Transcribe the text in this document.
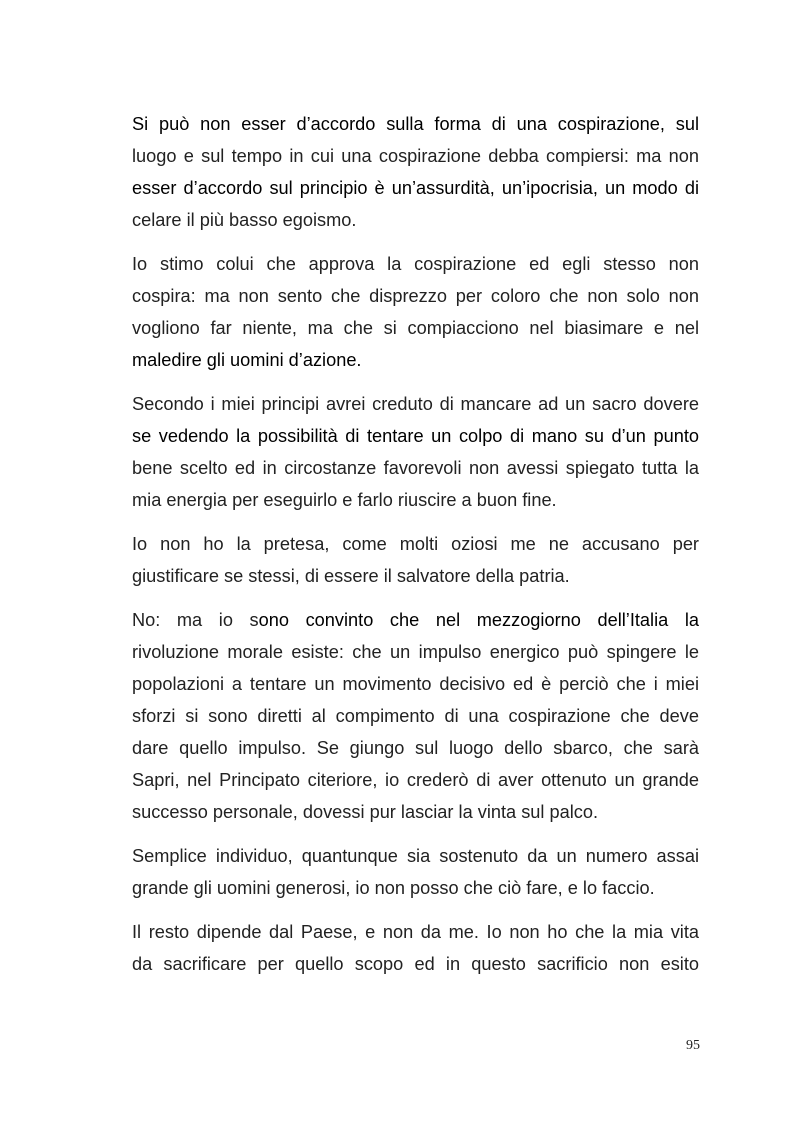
Si può non esser d’accordo sulla forma di una cospirazione, sul
luogo e sul tempo in cui una cospirazione debba compiersi: ma non
esser d’accordo sul principio è un’assurdità, un’ipocrisia, un modo di
celare il più basso egoismo.

Io stimo colui che approva la cospirazione ed egli stesso non
cospira: ma non sento che disprezzo per coloro che non solo non
vogliono far niente, ma che si compiacciono nel biasimare e nel
maledire gli uomini d’azione.

Secondo i miei principi avrei creduto di mancare ad un sacro dovere
se vedendo la possibilità di tentare un colpo di mano su d’un punto
bene scelto ed in circostanze favorevoli non avessi spiegato tutta la
mia energia per eseguirlo e farlo riuscire a buon fine.

Io non ho la pretesa, come molti oziosi me ne accusano per
giustificare se stessi, di essere il salvatore della patria.

No: ma io sono convinto che nel mezzogiorno dell’Italia la
rivoluzione morale esiste: che un impulso energico può spingere le
popolazioni a tentare un movimento decisivo ed è perciò che i miei
sforzi si sono diretti al compimento di una cospirazione che deve
dare quello impulso. Se giungo sul luogo dello sbarco, che sarà
Sapri, nel Principato citeriore, io crederò di aver ottenuto un grande
successo personale, dovessi pur lasciar la vinta sul palco.

Semplice individuo, quantunque sia sostenuto da un numero assai
grande gli uomini generosi, io non posso che ciò fare, e lo faccio.

Il resto dipende dal Paese, e non da me. Io non ho che la mia vita
da sacrificare per quello scopo ed in questo sacrificio non esito

95
